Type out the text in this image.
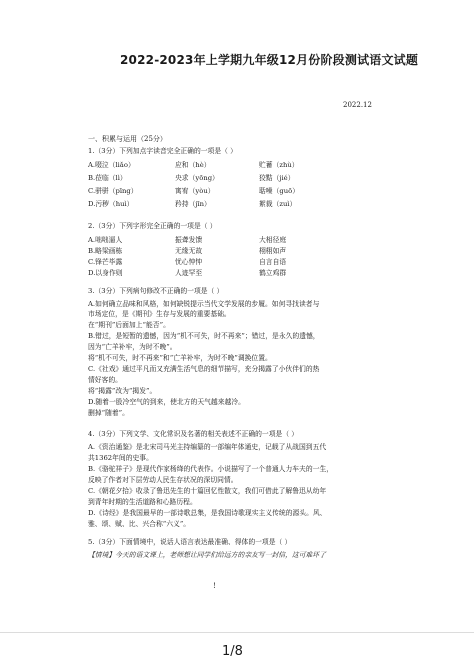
2022-2023年上学期九年级12月份阶段测试语文试题
2022.12
一、积累与运用（25分）
1.（3分）下列加点字读音完全正确的一项是（ ）
A.啜泣（liǎo）	应和（hè）	贮蓄（zhù）
B.莅临（lì）	央求（yōng）	狡黠（jié）
C.骈骈（pīng）	寓宥（yòu）	聒噪（guō）
D.污秽（huì）	矜持（jīn）	絮裁（zuì）
2.（3分）下列字形完全正确的一项是（ ）
A.咄咄逼人	振聋发馈	大相径庭
B.略梁画栋	无缘无故	栩栩如声
C.锋芒毕露	忧心忡忡	自言自语
D.以身作则	人迹罕至	鹤立鸡群
3.（3分）下列病句修改不正确的一项是（ ）
A.如何确立品味和风格，如何缺锐提示当代文学发展的步履。如何寻找读者与
市场定位，是《期刊》生存与发展的重要基础。
在“期刊”后面加上“能否”。
B.错过，是短暂的遗憾，因为“机不可失，时不再来”；错过，是永久的遗憾，
因为“亡羊补牢，为时不晚”。
将“机不可失，时不再来”和“亡羊补牢，为时不晚”调换位置。
C.《社戏》通过平凡而又充满生活气息的细节描写，充分揭露了小伙伴们的热
情好客的。
将“揭露”改为“揭发”。
D.随着一股冷空气的到来，使北方的天气越来越冷。
删掉“随着”。
4.（3分）下列文学、文化常识及名著的相关表述不正确的一项是（ ）
A.《资治通鉴》是北宋司马光主持编纂的一部编年体通史，记载了从战国到五代
共1362年间的史事。
B.《骆驼祥子》是现代作家杨绛的代表作。小说描写了一个普通人力车夫的一生，
反映了作者对下层劳动人民生存状况的深切同情。
C.《朝花夕拾》收录了鲁迅先生的十篇回忆性散文，我们可借此了解鲁迅从幼年
到青年时期的生活道路和心路历程。
D.《诗经》是我国最早的一部诗歌总集，是我国诗歌现实主义传统的源头。风、
雅、颂、赋、比、兴合称“六义”。
5.（3分）下面情境中，说话人语言表达最准确、得体的一项是（ ）
【情境】今天的语文课上，老师想让同学们给远方的亲友写一封信，这可难坏了
!
1/8
